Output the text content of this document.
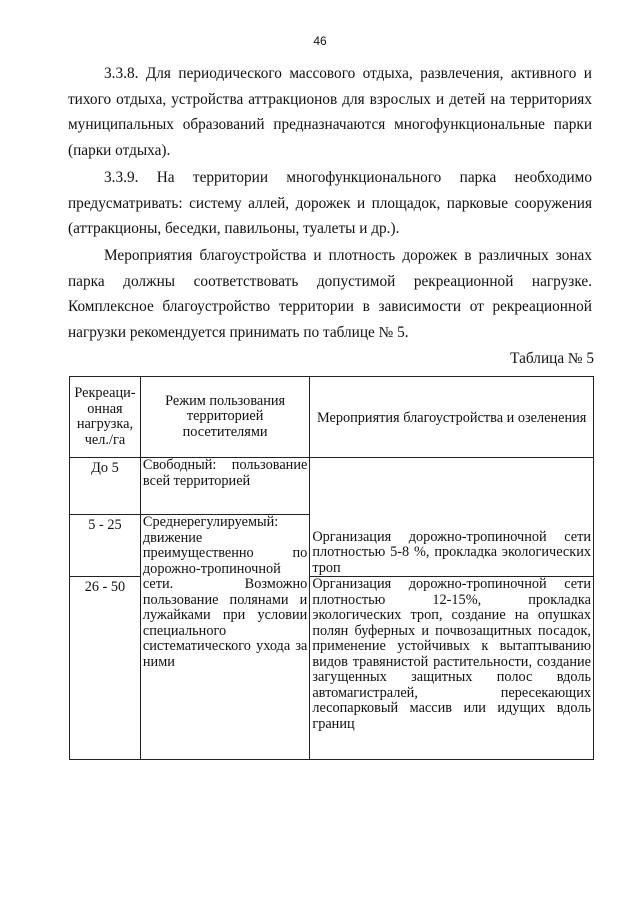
46

3.3.8. Для периодического массового отдыха, развлечения, активного и тихого отдыха, устройства аттракционов для взрослых и детей на территориях муниципальных образований предназначаются многофункциональные парки (парки отдыха).

3.3.9. На территории многофункционального парка необходимо предусматривать: систему аллей, дорожек и площадок, парковые сооружения (аттракционы, беседки, павильоны, туалеты и др.).

Мероприятия благоустройства и плотность дорожек в различных зонах парка должны соответствовать допустимой рекреационной нагрузке. Комплексное благоустройство территории в зависимости от рекреационной нагрузки рекомендуется принимать по таблице № 5.

Таблица № 5
Рекреаци-онная нагрузка, чел./га	Режим пользования территорией посетителями	Мероприятия благоустройства и озеленения
До 5	Свободный: пользование всей территорией	Организация дорожно-тропиночной сети плотностью 5-8 %, прокладка экологических троп
5 - 25	Среднерегулируемый: движение преимущественно по дорожно-тропиночной сети. Возможно пользование полянами и лужайками при условии специального систематического ухода за ними	
26 - 50		Организация дорожно-тропиночной сети плотностью 12-15%, прокладка экологических троп, создание на опушках полян буферных и почвозащитных посадок, применение устойчивых к вытаптыванию видов травянистой растительности, создание загущенных защитных полос вдоль автомагистралей, пересекающих лесопарковый массив или идущих вдоль границ
